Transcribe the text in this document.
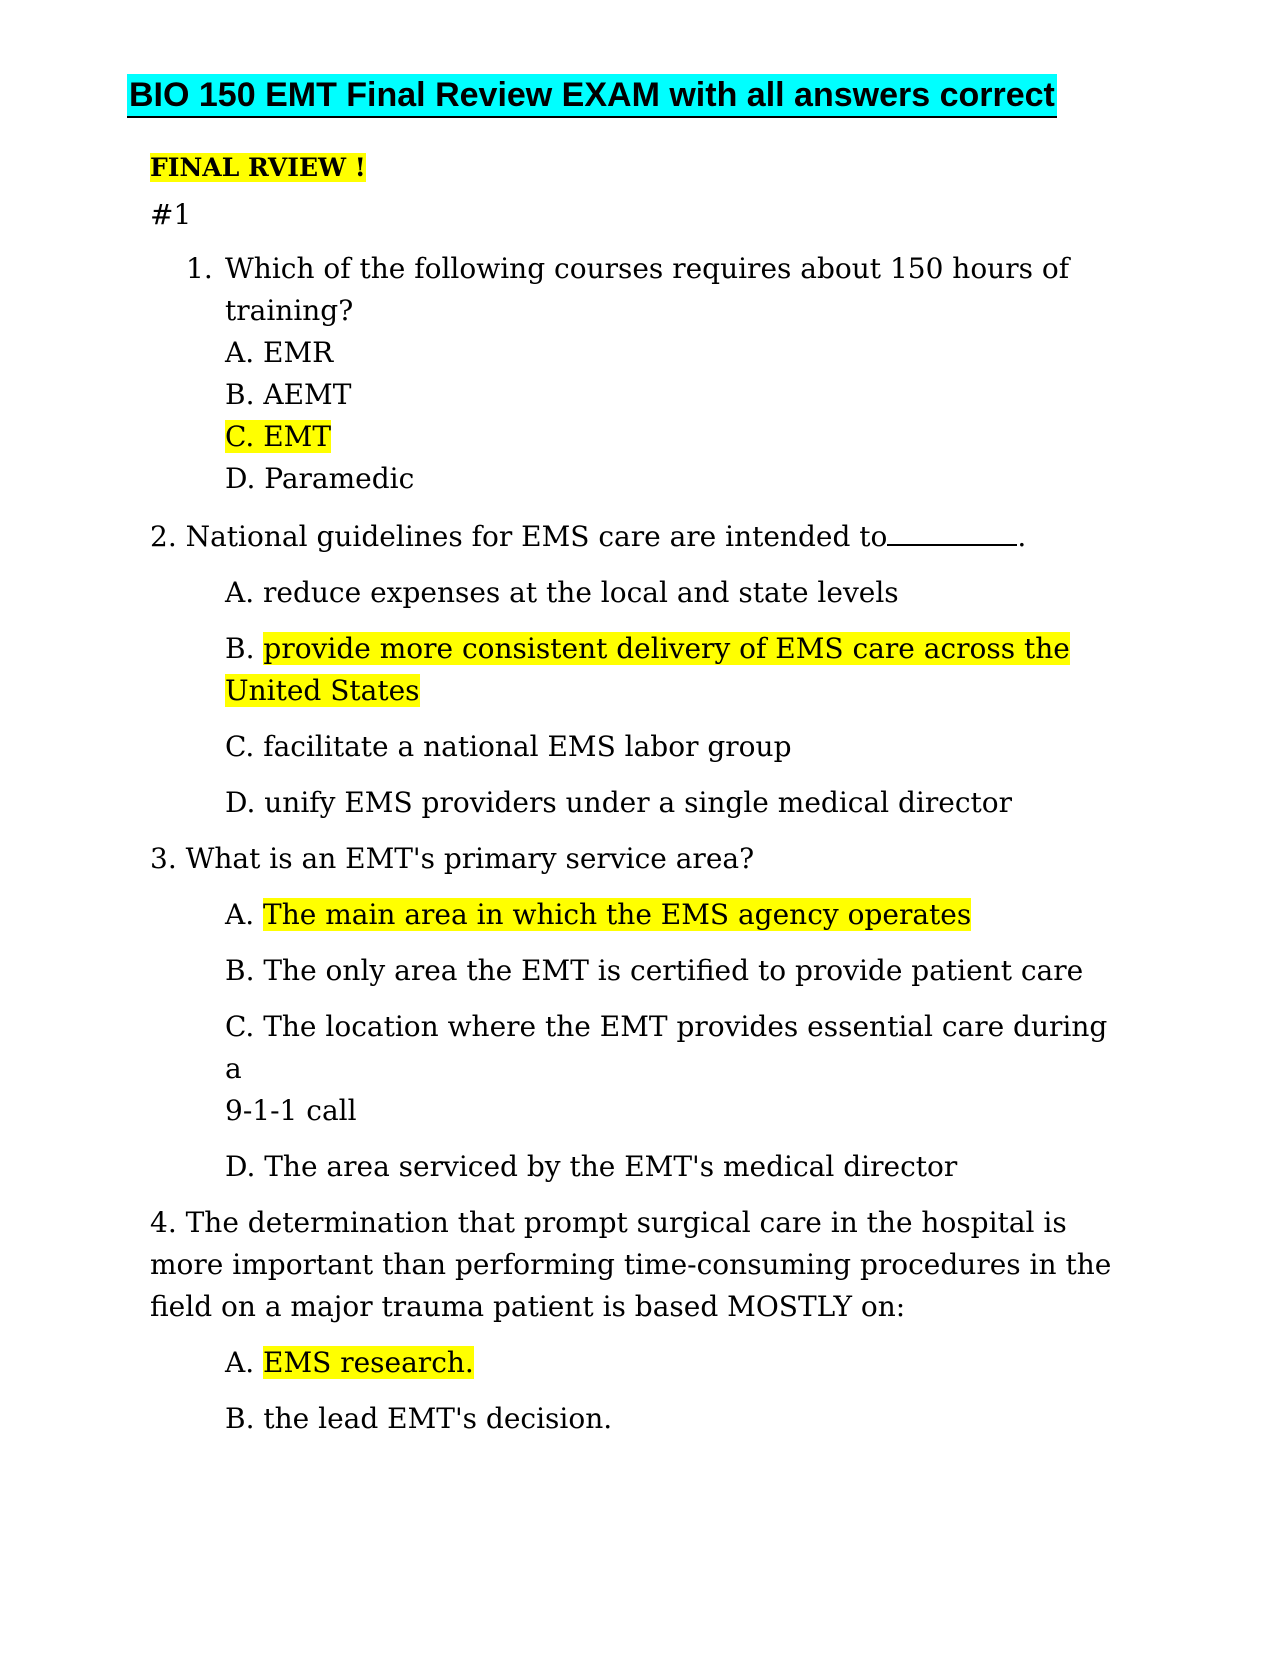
BIO 150 EMT Final Review EXAM with all answers correct

FINAL RVIEW !

#1

1. Which of the following courses requires about 150 hours of
training?
A. EMR
B. AEMT
C. EMT
D. Paramedic

2. National guidelines for EMS care are intended to	.

A. reduce expenses at the local and state levels

B. provide more consistent delivery of EMS care across the
United States

C. facilitate a national EMS labor group

D. unify EMS providers under a single medical director

3. What is an EMT's primary service area?

A. The main area in which the EMS agency operates

B. The only area the EMT is certified to provide patient care

C. The location where the EMT provides essential care during a
9-1-1 call

D. The area serviced by the EMT's medical director

4. The determination that prompt surgical care in the hospital is
more important than performing time-consuming procedures in the
field on a major trauma patient is based MOSTLY on:

A. EMS research.

B. the lead EMT's decision.
